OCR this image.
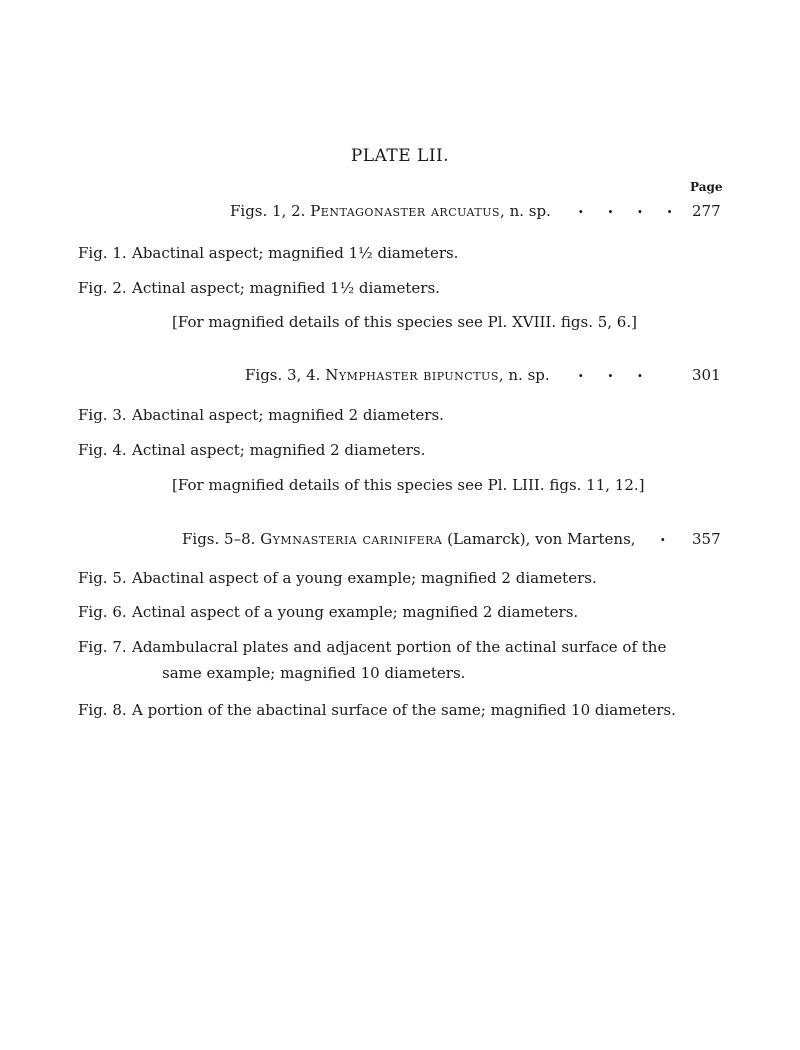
PLATE LII.
Page
Figs. 1, 2. Pentagonaster arcuatus, n. sp. ....
277
Fig. 1. Abactinal aspect; magnified 1½ diameters.
Fig. 2. Actinal aspect; magnified 1½ diameters.
[For magnified details of this species see Pl. XVIII. figs. 5, 6.]
Figs. 3, 4. Nymphaster bipunctus, n. sp. ... 301
Fig. 3. Abactinal aspect; magnified 2 diameters.
Fig. 4. Actinal aspect; magnified 2 diameters.
[For magnified details of this species see Pl. LIII. figs. 11, 12.]
Figs. 5–8. Gymnasteria carinifera (Lamarck), von Martens, . 357
Fig. 5. Abactinal aspect of a young example; magnified 2 diameters.
Fig. 6. Actinal aspect of a young example; magnified 2 diameters.
Fig. 7. Adambulacral plates and adjacent portion of the actinal surface of the
same example; magnified 10 diameters.
Fig. 8. A portion of the abactinal surface of the same; magnified 10 diameters.
